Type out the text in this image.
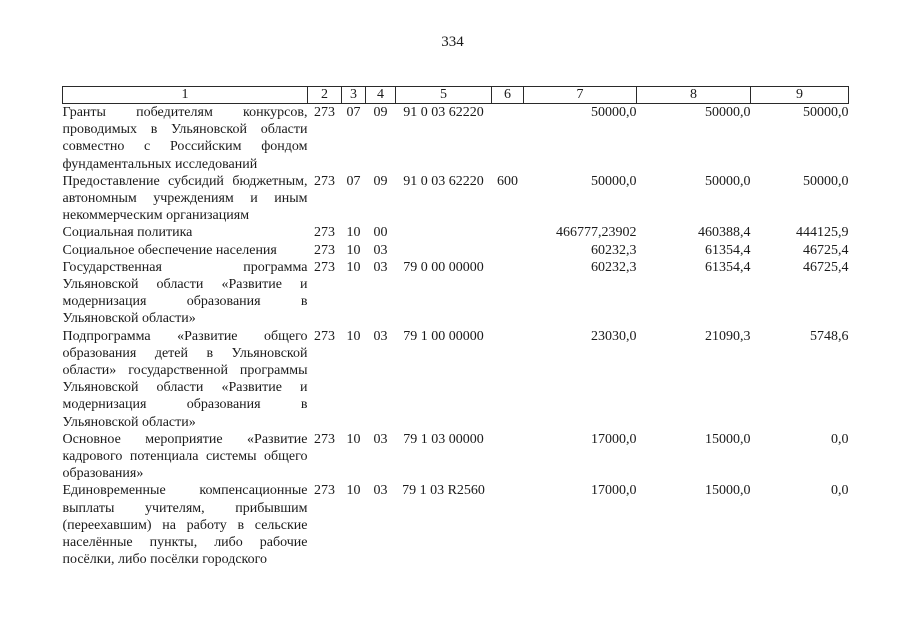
334
1	2	3	4	5	6	7	8	9
Гранты победителям конкурсов, проводимых в Ульяновской области совместно с Российским фондом фундаментальных исследований	273	07	09	91 0 03 62220		50000,0	50000,0	50000,0
Предоставление субсидий бюджетным, автономным учреждениям и иным некоммерческим организациям	273	07	09	91 0 03 62220	600	50000,0	50000,0	50000,0
Социальная политика	273	10	00			466777,23902	460388,4	444125,9
Социальное обеспечение населения	273	10	03			60232,3	61354,4	46725,4
Государственная программа Ульяновской области «Развитие и модернизация образования в Ульяновской области»	273	10	03	79 0 00 00000		60232,3	61354,4	46725,4
Подпрограмма «Развитие общего образования детей в Ульяновской области» государственной программы Ульяновской области «Развитие и модернизация образования в Ульяновской области»	273	10	03	79 1 00 00000		23030,0	21090,3	5748,6
Основное мероприятие «Развитие кадрового потенциала системы общего образования»	273	10	03	79 1 03 00000		17000,0	15000,0	0,0
Единовременные компенсационные выплаты учителям, прибывшим (переехавшим) на работу в сельские населённые пункты, либо рабочие посёлки, либо посёлки городского	273	10	03	79 1 03 R2560		17000,0	15000,0	0,0
